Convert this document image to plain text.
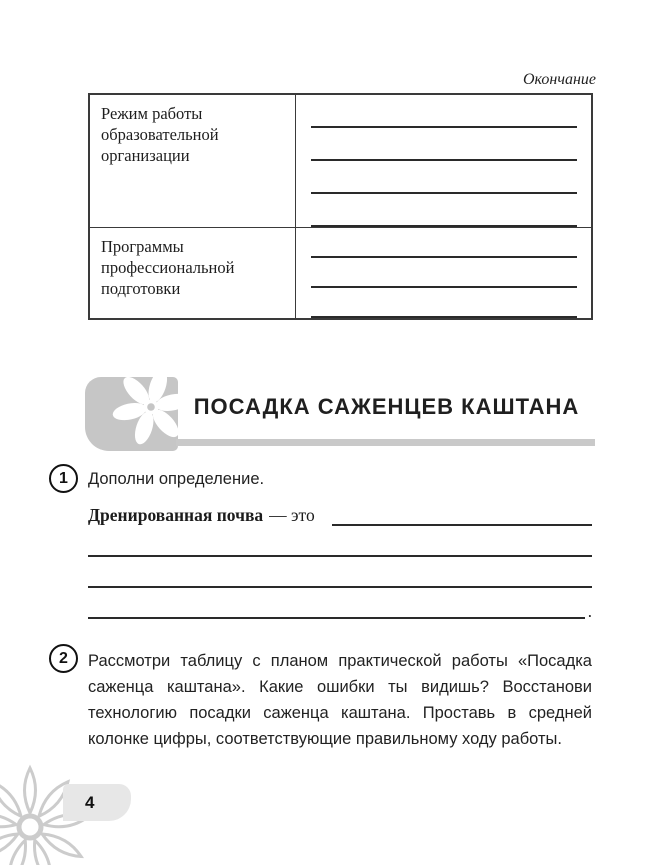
Окончание
Режим работы образовательной организации
Программы профессиональной подготовки
ПОСАДКА САЖЕНЦЕВ КАШТАНА
1	Дополни определение.
Дренированная почва — это
.
2	Рассмотри таблицу с планом практической работы «Посадка саженца каштана». Какие ошибки ты видишь? Восстанови технологию посадки саженца каштана. Проставь в средней колонке цифры, соответствующие правильному ходу работы.
4
